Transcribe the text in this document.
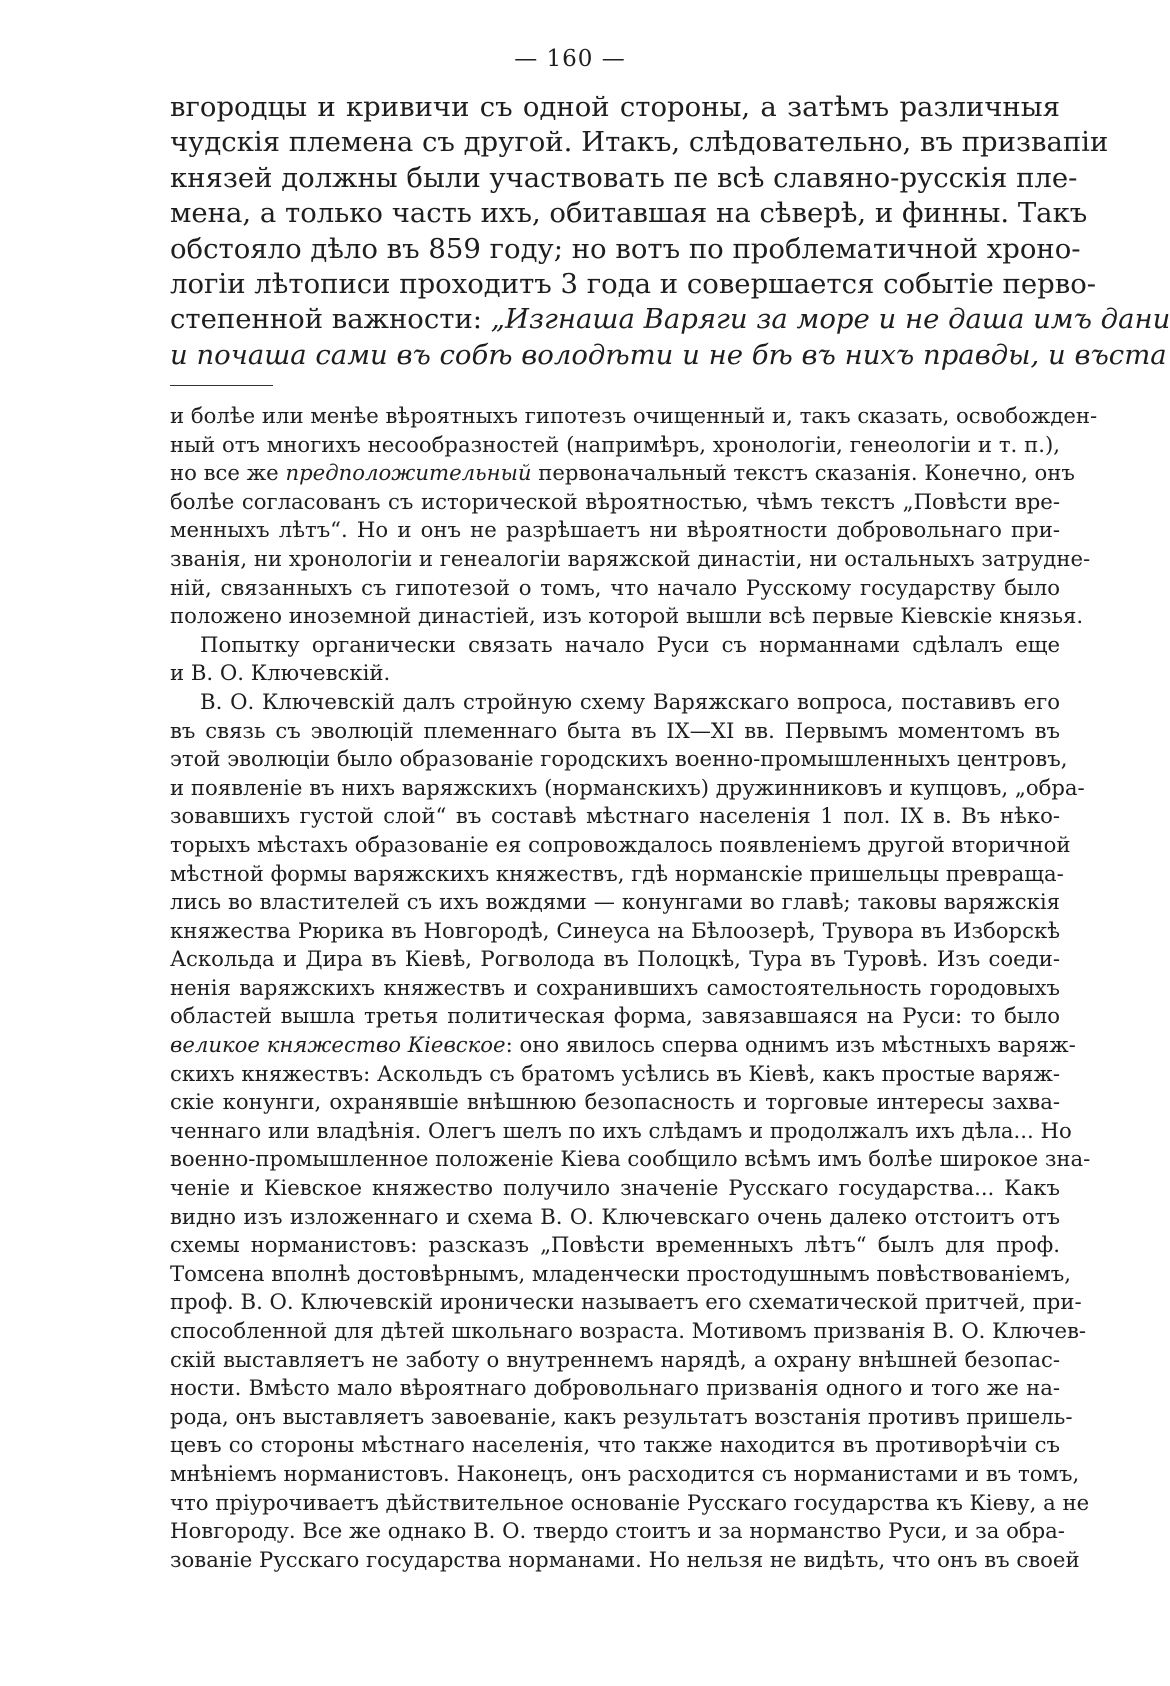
— 160 —
вгородцы и кривичи съ одной стороны, а затѣмъ различныя
чудскія племена съ другой. Итакъ, слѣдовательно, въ призвапіи
князей должны были участвовать пе всѣ славяно-русскія пле-
мена, а только часть ихъ, обитавшая на сѣверѣ, и финны. Такъ
обстояло дѣло въ 859 году; но вотъ по проблематичной хроно-
логіи лѣтописи проходитъ 3 года и совершается событіе перво-
степенной важности: „Изгнаша Варяги за море и не даша имъ дани
и почаша сами въ собѣ володѣти и не бѣ въ нихъ правды, и въста
и болѣе или менѣе вѣроятныхъ гипотезъ очищенный и, такъ сказать, освобожден-
ный отъ многихъ несообразностей (напримѣръ, хронологіи, генеологіи и т. п.),
но все же предположительный первоначальный текстъ сказанія. Конечно, онъ
болѣе согласованъ съ исторической вѣроятностью, чѣмъ текстъ „Повѣсти вре-
менныхъ лѣтъ“. Но и онъ не разрѣшаетъ ни вѣроятности добровольнаго при-
званія, ни хронологіи и генеалогіи варяжской династіи, ни остальныхъ затрудне-
ній, связанныхъ съ гипотезой о томъ, что начало Русскому государству было
положено иноземной династіей, изъ которой вышли всѣ первые Кіевскіе князья.
Попытку органически связать начало Руси съ норманнами сдѣлалъ еще
и В. О. Ключевскій.
В. О. Ключевскій далъ стройную схему Варяжскаго вопроса, поставивъ его
въ связь съ эволюцій племеннаго быта въ IX—XI вв. Первымъ моментомъ въ
этой эволюціи было образованіе городскихъ военно-промышленныхъ центровъ,
и появленіе въ нихъ варяжскихъ (норманскихъ) дружинниковъ и купцовъ, „обра-
зовавшихъ густой слой“ въ составѣ мѣстнаго населенія 1 пол. IX в. Въ нѣко-
торыхъ мѣстахъ образованіе ея сопровождалось появленіемъ другой вторичной
мѣстной формы варяжскихъ княжествъ, гдѣ норманскіе пришельцы превраща-
лись во властителей съ ихъ вождями — конунгами во главѣ; таковы варяжскія
княжества Рюрика въ Новгородѣ, Синеуса на Бѣлоозерѣ, Трувора въ Изборскѣ
Аскольда и Дира въ Кіевѣ, Рогволода въ Полоцкѣ, Тура въ Туровѣ. Изъ соеди-
ненія варяжскихъ княжествъ и сохранившихъ самостоятельность городовыхъ
областей вышла третья политическая форма, завязавшаяся на Руси: то было
великое княжество Кіевское: оно явилось сперва однимъ изъ мѣстныхъ варяж-
скихъ княжествъ: Аскольдъ съ братомъ усѣлись въ Кіевѣ, какъ простые варяж-
скіе конунги, охранявшіе внѣшнюю безопасность и торговые интересы захва-
ченнаго или владѣнія. Олегъ шелъ по ихъ слѣдамъ и продолжалъ ихъ дѣла... Но
военно-промышленное положеніе Кіева сообщило всѣмъ имъ болѣе широкое зна-
ченіе и Кіевское княжество получило значеніе Русскаго государства... Какъ
видно изъ изложеннаго и схема В. О. Ключевскаго очень далеко отстоитъ отъ
схемы норманистовъ: разсказъ „Повѣсти временныхъ лѣтъ“ былъ для проф.
Томсена вполнѣ достовѣрнымъ, младенчески простодушнымъ повѣствованіемъ,
проф. В. О. Ключевскій иронически называетъ его схематической притчей, при-
способленной для дѣтей школьнаго возраста. Мотивомъ призванія В. О. Ключев-
скій выставляетъ не заботу о внутреннемъ нарядѣ, а охрану внѣшней безопас-
ности. Вмѣсто мало вѣроятнаго добровольнаго призванія одного и того же на-
рода, онъ выставляетъ завоеваніе, какъ результатъ возстанія противъ пришель-
цевъ со стороны мѣстнаго населенія, что также находится въ противорѣчіи съ
мнѣніемъ норманистовъ. Наконецъ, онъ расходится съ норманистами и въ томъ,
что пріурочиваетъ дѣйствительное основаніе Русскаго государства къ Кіеву, а не
Новгороду. Все же однако В. О. твердо стоитъ и за норманство Руси, и за обра-
зованіе Русскаго государства норманами. Но нельзя не видѣть, что онъ въ своей
